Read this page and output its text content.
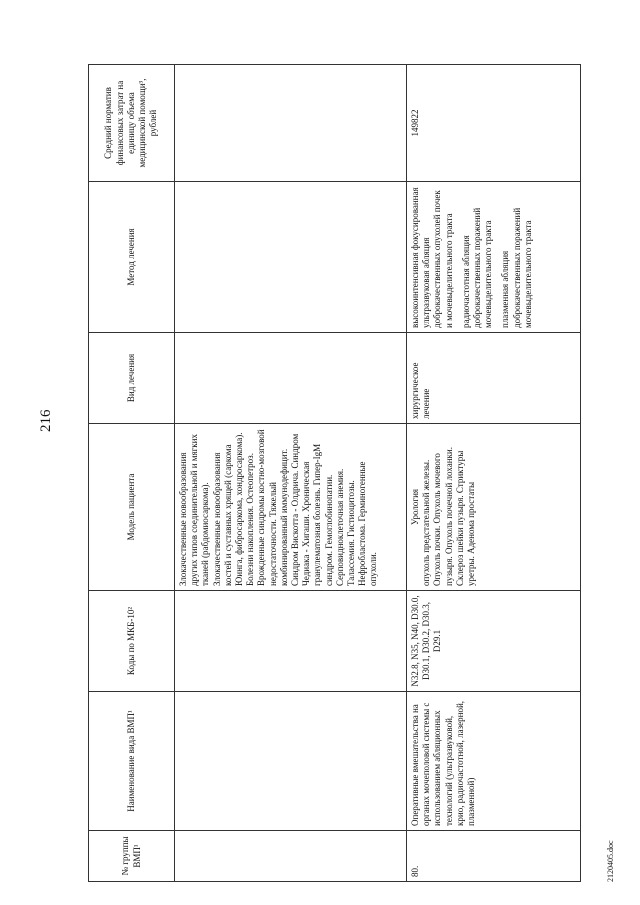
216
2120405.doc
№ группы ВМП¹	Наименование вида ВМП¹	Коды по МКБ-10²	Модель пациента	Вид лечения	Метод лечения	Средний норматив финансовых затрат на единицу объема медицинской помощи³, рублей
			Злокачественные новообразования других типов соединительной и мягких тканей (рабдомиосаркома). Злокачественные новообразования костей и суставных хрящей (саркома Юинга, фибросаркома, хондросаркома). Болезни накопления. Остеопетроз. Врожденные синдромы костно-мозговой недостаточности. Тяжелый комбинированный иммунодефицит. Синдром Вискотта - Олдрича. Синдром Чедиака - Хигаши. Хроническая гранулематозная болезнь. Гипер-IgM синдром. Гемоглобинопатии. Серповидноклеточная анемия. Талассемия. Гистиоцитозы. Нефробластома. Герминогенные опухоли.			
80.	Оперативные вмешательства на органах мочеполовой системы с использованием абляционных технологий (ультразвуковой, крио, радиочастотной, лазерной, плазменной)	N32.8, N35, N40, D30.0, D30.1, D30.2, D30.3, D29.1	Урология опухоль предстательной железы. Опухоль почки. Опухоль мочевого пузыря. Опухоль почечной лоханки. Склероз шейки пузыря. Стриктуры уретры. Аденома простаты	хирургическое лечение	высокоинтенсивная фокусированная ультразвуковая абляция доброкачественных опухолей почек и мочевыделительного тракта радиочастотная абляция доброкачественных поражений мочевыделительного тракта плазменная абляция доброкачественных поражений мочевыделительного тракта	149822
